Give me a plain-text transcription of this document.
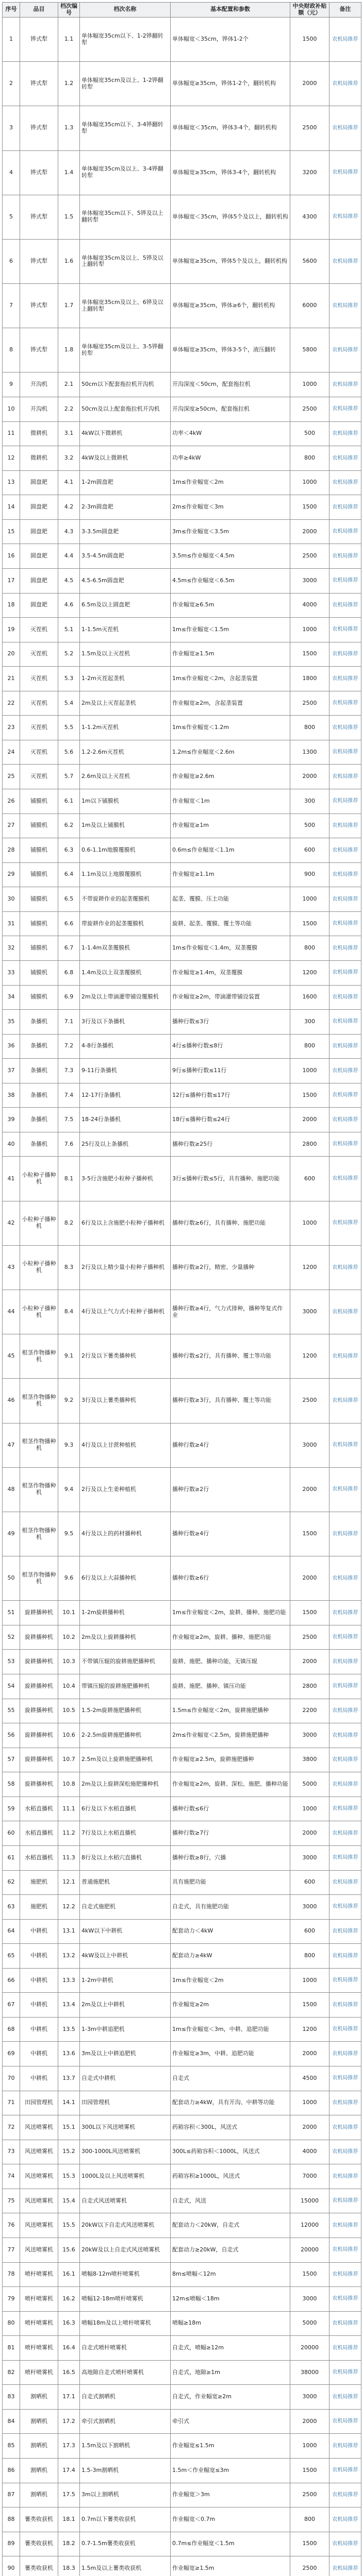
序号	品目	档次编号	档次名称	基本配置和参数	中央财政补贴额（元）	备注
1	铧式犁	1.1	单体幅宽35cm以下、1-2铧翻转犁	单体幅宽＜35cm，铧体1-2个	1500	农机局推荐
2	铧式犁	1.2	单体幅宽35cm及以上、1-2铧翻转犁	单体幅宽≥35cm，铧体1-2个，翻转机构	2000	农机局推荐
3	铧式犁	1.3	单体幅宽35cm以下、3-4铧翻转犁	单体幅宽＜35cm，铧体3-4个，翻转机构	2500	农机局推荐
4	铧式犁	1.4	单体幅宽35cm及以上、3-4铧翻转犁	单体幅宽≥35cm，铧体3-4个，翻转机构	3200	农机局推荐
5	铧式犁	1.5	单体幅宽35cm以下、5铧及以上翻转犁	单体幅宽＜35cm，铧体5个及以上，翻转机构	4300	农机局推荐
6	铧式犁	1.6	单体幅宽35cm及以上、5铧及以上翻转犁	单体幅宽≥35cm，铧体5个及以上，翻转机构	5600	农机局推荐
7	铧式犁	1.7	单体幅宽35cm及以上、6铧及以上翻转犁	单体幅宽≥35cm，铧体≥6个，翻转机构	6000	农机局推荐
8	铧式犁	1.8	单体幅宽35cm及以上、3-5铧翻转犁	单体幅宽≥35cm，铧体3-5个，液压翻转	5800	农机局推荐
9	开沟机	2.1	50cm以下配套拖拉机开沟机	开沟深度＜50cm，配套拖拉机	1000	农机局推荐
10	开沟机	2.2	50cm及以上配套拖拉机开沟机	开沟深度≥50cm，配套拖拉机	2500	农机局推荐
11	微耕机	3.1	4kW以下微耕机	功率＜4kW	500	农机局推荐
12	微耕机	3.2	4kW及以上微耕机	功率≥4kW	800	农机局推荐
13	圆盘耙	4.1	1-2m圆盘耙	1m≤作业幅宽＜2m	1000	农机局推荐
14	圆盘耙	4.2	2-3m圆盘耙	2m≤作业幅宽＜3m	1500	农机局推荐
15	圆盘耙	4.3	3-3.5m圆盘耙	3m≤作业幅宽＜3.5m	2000	农机局推荐
16	圆盘耙	4.4	3.5-4.5m圆盘耙	3.5m≤作业幅宽＜4.5m	2500	农机局推荐
17	圆盘耙	4.5	4.5-6.5m圆盘耙	4.5m≤作业幅宽＜6.5m	3000	农机局推荐
18	圆盘耙	4.6	6.5m及以上圆盘耙	作业幅宽≥6.5m	4000	农机局推荐
19	灭茬机	5.1	1-1.5m灭茬机	1m≤作业幅宽＜1.5m	1000	农机局推荐
20	灭茬机	5.2	1.5m及以上灭茬机	作业幅宽≥1.5m	1500	农机局推荐
21	灭茬机	5.3	1-2m灭茬起垄机	1m≤作业幅宽＜2m，含起垄装置	1800	农机局推荐
22	灭茬机	5.4	2m及以上灭茬起垄机	作业幅宽≥2m，含起垄装置	2500	农机局推荐
23	灭茬机	5.5	1-1.2m灭茬机	1m≤作业幅宽＜1.2m	800	农机局推荐
24	灭茬机	5.6	1.2-2.6m灭茬机	1.2m≤作业幅宽＜2.6m	1300	农机局推荐
25	灭茬机	5.7	2.6m及以上灭茬机	作业幅宽≥2.6m	2000	农机局推荐
26	铺膜机	6.1	1m以下铺膜机	作业幅宽＜1m	300	农机局推荐
27	铺膜机	6.2	1m及以上铺膜机	作业幅宽≥1m	500	农机局推荐
28	铺膜机	6.3	0.6-1.1m地膜覆膜机	0.6m≤作业幅宽＜1.1m	600	农机局推荐
29	铺膜机	6.4	1.1m及以上地膜覆膜机	作业幅宽≥1.1m	900	农机局推荐
30	铺膜机	6.5	不带旋耕作业的起垄覆膜机	起垄、覆膜、压土功能	1000	农机局推荐
31	铺膜机	6.6	带旋耕作业的起垄覆膜机	旋耕、起垄、覆膜、覆土等功能	1500	农机局推荐
32	铺膜机	6.7	1-1.4m双垄覆膜机	1m≤作业幅宽＜1.4m，双垄覆膜	800	农机局推荐
33	铺膜机	6.8	1.4m及以上双垄覆膜机	作业幅宽≥1.4m，双垄覆膜	1200	农机局推荐
34	铺膜机	6.9	2m及以上带滴灌带铺设覆膜机	作业幅宽≥2m，带滴灌带铺设装置	1600	农机局推荐
35	条播机	7.1	3行及以下条播机	播种行数≤3行	300	农机局推荐
36	条播机	7.2	4-8行条播机	4行≤播种行数≤8行	800	农机局推荐
37	条播机	7.3	9-11行条播机	9行≤播种行数≤11行	1000	农机局推荐
38	条播机	7.4	12-17行条播机	12行≤播种行数≤17行	1500	农机局推荐
39	条播机	7.5	18-24行条播机	18行≤播种行数≤24行	2000	农机局推荐
40	条播机	7.6	25行及以上条播机	播种行数≥25行	2800	农机局推荐
41	小粒种子播种机	8.1	3-5行含施肥小粒种子播种机	3行≤播种行数≤5行，具有播种、施肥功能	600	农机局推荐
42	小粒种子播种机	8.2	6行及以上含施肥小粒种子播种机	播种行数≥6行，具有播种、施肥功能	1000	农机局推荐
43	小粒种子播种机	8.3	2行及以上精少量小粒种子播种机	播种行数≥2行，精密、少量播种	1200	农机局推荐
44	小粒种子播种机	8.4	4行及以上气力式小粒种子播种机	播种行数≥4行，气力式排种，播种等复式作业	3000	农机局推荐
45	根茎作物播种机	9.1	2行及以下薯类播种机	播种行数≤2行，具有播种、覆土等功能	1200	农机局推荐
46	根茎作物播种机	9.2	3行及以上薯类播种机	播种行数≥3行，具有播种、覆土等功能	2500	农机局推荐
47	根茎作物播种机	9.3	4行及以上甘蔗种植机	播种行数≥4行	3000	农机局推荐
48	根茎作物播种机	9.4	2行及以上生姜种植机	播种行数≥2行	2000	农机局推荐
49	根茎作物播种机	9.5	4行及以上的药材播种机	播种行数≥4行	1500	农机局推荐
50	根茎作物播种机	9.6	6行及以上大蒜播种机	播种行数≥6行	2000	农机局推荐
51	旋耕播种机	10.1	1-2m旋耕播种机	1m≤作业幅宽＜2m，旋耕、播种、施肥功能	1500	农机局推荐
52	旋耕播种机	10.2	2m及以上旋耕播种机	作业幅宽≥2m，旋耕、播种、施肥功能	2500	农机局推荐
53	旋耕播种机	10.3	不带镇压辊的旋耕施肥播种机	旋耕、施肥、播种功能，无镇压辊	2000	农机局推荐
54	旋耕播种机	10.4	带镇压辊的旋耕施肥播种机	旋耕、施肥、播种、镇压功能	2800	农机局推荐
55	旋耕播种机	10.5	1.5-2m旋耕施肥播种机	1.5m≤作业幅宽＜2m，旋耕施肥播种	2200	农机局推荐
56	旋耕播种机	10.6	2-2.5m旋耕施肥播种机	2m≤作业幅宽＜2.5m，旋耕施肥播种	3000	农机局推荐
57	旋耕播种机	10.7	2.5m及以上旋耕施肥播种机	作业幅宽≥2.5m，旋耕施肥播种	3800	农机局推荐
58	旋耕播种机	10.8	2m及以上旋耕深松施肥播种机	作业幅宽≥2m，旋耕、深松、施肥、播种功能	5000	农机局推荐
59	水稻直播机	11.1	6行及以下水稻直播机	播种行数≤6行	1000	农机局推荐
60	水稻直播机	11.2	7行及以上水稻直播机	播种行数≥7行	2000	农机局推荐
61	水稻直播机	11.3	8行及以上水稻穴直播机	播种行数≥8行，穴播	3000	农机局推荐
62	施肥机	12.1	普通施肥机	具有施肥功能	600	农机局推荐
63	施肥机	12.2	自走式施肥机	自走式，具有施肥功能	3000	农机局推荐
64	中耕机	13.1	4kW以下中耕机	配套动力＜4kW	600	农机局推荐
65	中耕机	13.2	4kW及以上中耕机	配套动力≥4kW	800	农机局推荐
66	中耕机	13.3	1-2m中耕机	1m≤作业幅宽＜2m	1000	农机局推荐
67	中耕机	13.4	2m及以上中耕机	作业幅宽≥2m	1500	农机局推荐
68	中耕机	13.5	1-3m中耕追肥机	1m≤作业幅宽＜3m，中耕、追肥功能	1200	农机局推荐
69	中耕机	13.6	3m及以上中耕追肥机	作业幅宽≥3m，中耕、追肥功能	2000	农机局推荐
70	中耕机	13.7	自走式中耕机	自走式	4500	农机局推荐
71	田园管理机	14.1	田园管理机	配套动力≥4kW，具有开沟、中耕等功能	1000	农机局推荐
72	风送喷雾机	15.1	300L以下风送喷雾机	药箱容积＜300L，风送式	2000	农机局推荐
73	风送喷雾机	15.2	300-1000L风送喷雾机	300L≤药箱容积＜1000L，风送式	4000	农机局推荐
74	风送喷雾机	15.3	1000L及以上风送喷雾机	药箱容积≥1000L，风送式	7000	农机局推荐
75	风送喷雾机	15.4	自走式风送喷雾机	自走式，风送	15000	农机局推荐
76	风送喷雾机	15.5	20kW以下自走式风送喷雾机	配套动力＜20kW，自走式	12000	农机局推荐
77	风送喷雾机	15.6	20kW及以上自走式风送喷雾机	配套动力≥20kW，自走式	20000	农机局推荐
78	喷杆喷雾机	16.1	喷幅8-12m喷杆喷雾机	8m≤喷幅＜12m	1500	农机局推荐
79	喷杆喷雾机	16.2	喷幅12-18m喷杆喷雾机	12m≤喷幅＜18m	3000	农机局推荐
80	喷杆喷雾机	16.3	喷幅18m及以上喷杆喷雾机	喷幅≥18m	5000	农机局推荐
81	喷杆喷雾机	16.4	自走式喷杆喷雾机	自走式，喷幅≥12m	20000	农机局推荐
82	喷杆喷雾机	16.5	高地隙自走式喷杆喷雾机	自走式，地隙≥1m	38000	农机局推荐
83	割晒机	17.1	自走式割晒机	自走式，作业幅宽≥2m	3000	农机局推荐
84	割晒机	17.2	牵引式割晒机	牵引式	2000	农机局推荐
85	割晒机	17.3	1.5m及以下割晒机	作业幅宽≤1.5m	1000	农机局推荐
86	割晒机	17.4	1.5-3m割晒机	1.5m＜作业幅宽≤3m	1500	农机局推荐
87	割晒机	17.5	3m以上割晒机	作业幅宽＞3m	2500	农机局推荐
88	薯类收获机	18.1	0.7m以下薯类收获机	作业幅宽＜0.7m	800	农机局推荐
89	薯类收获机	18.2	0.7-1.5m薯类收获机	0.7m≤作业幅宽＜1.5m	1500	农机局推荐
90	薯类收获机	18.3	1.5m及以上薯类收获机	作业幅宽≥1.5m	2500	农机局推荐
